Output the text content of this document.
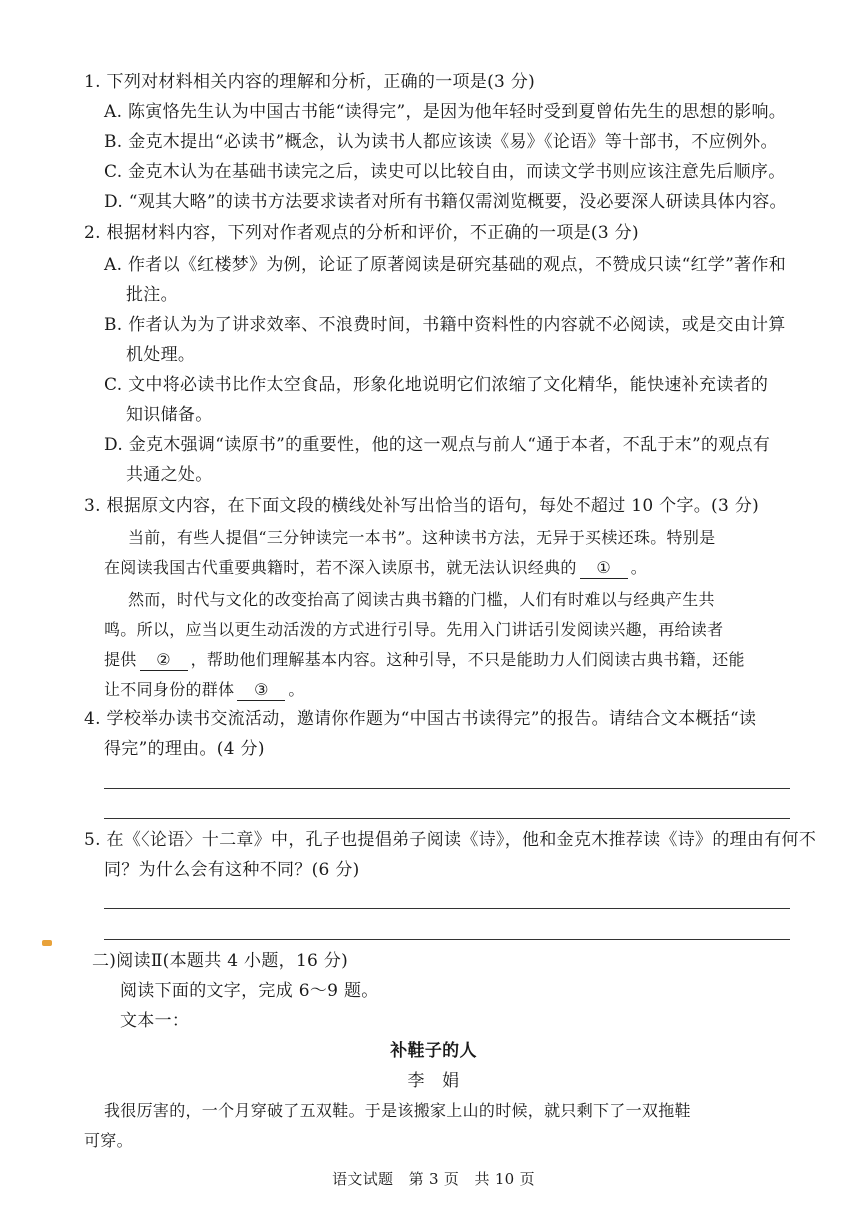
1. 下列对材料相关内容的理解和分析，正确的一项是(3 分)
A. 陈寅恪先生认为中国古书能“读得完”，是因为他年轻时受到夏曾佑先生的思想的影响。
B. 金克木提出“必读书”概念，认为读书人都应该读《易》《论语》等十部书，不应例外。
C. 金克木认为在基础书读完之后，读史可以比较自由，而读文学书则应该注意先后顺序。
D. “观其大略”的读书方法要求读者对所有书籍仅需浏览概要，没必要深人研读具体内容。
2. 根据材料内容，下列对作者观点的分析和评价，不正确的一项是(3 分)
A. 作者以《红楼梦》为例，论证了原著阅读是研究基础的观点，不赞成只读“红学”著作和
批注。
B. 作者认为为了讲求效率、不浪费时间，书籍中资料性的内容就不必阅读，或是交由计算
机处理。
C. 文中将必读书比作太空食品，形象化地说明它们浓缩了文化精华，能快速补充读者的
知识储备。
D. 金克木强调“读原书”的重要性，他的这一观点与前人“通于本者，不乱于末”的观点有
共通之处。
3. 根据原文内容，在下面文段的横线处补写出恰当的语句，每处不超过 10 个字。(3 分)
当前，有些人提倡“三分钟读完一本书”。这种读书方法，无异于买椟还珠。特别是
在阅读我国古代重要典籍时，若不深入读原书，就无法认识经典的 ① 。
然而，时代与文化的改变抬高了阅读古典书籍的门槛，人们有时难以与经典产生共
鸣。所以，应当以更生动活泼的方式进行引导。先用入门讲话引发阅读兴趣，再给读者
提供 ② ，帮助他们理解基本内容。这种引导，不只是能助力人们阅读古典书籍，还能
让不同身份的群体 ③ 。
4. 学校举办读书交流活动，邀请你作题为“中国古书读得完”的报告。请结合文本概括“读
得完”的理由。(4 分)
5. 在《〈论语〉十二章》中，孔子也提倡弟子阅读《诗》，他和金克木推荐读《诗》的理由有何不
同？为什么会有这种不同？(6 分)
二)阅读Ⅱ(本题共 4 小题，16 分)
阅读下面的文字，完成 6～9 题。
文本一：
补鞋子的人
李　娟
我很厉害的，一个月穿破了五双鞋。于是该搬家上山的时候，就只剩下了一双拖鞋
可穿。
语文试题　第 3 页　共 10 页
